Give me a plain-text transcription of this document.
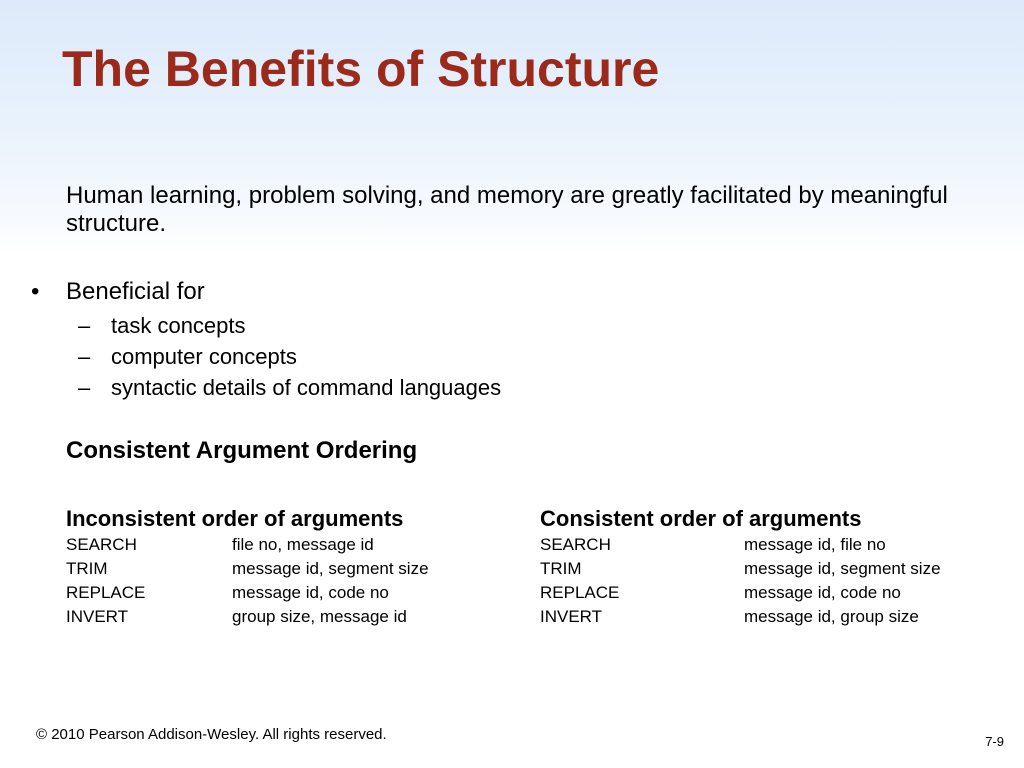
The Benefits of Structure
Human learning, problem solving, and memory are greatly facilitated by meaningful structure.
• Beneficial for
– task concepts
– computer concepts
– syntactic details of command languages
Consistent Argument Ordering
Inconsistent order of arguments
SEARCH	file no, message id
TRIM	message id, segment size
REPLACE	message id, code no
INVERT	group size, message id
Consistent order of arguments
SEARCH	message id, file no
TRIM	message id, segment size
REPLACE	message id, code no
INVERT	message id, group size
© 2010 Pearson Addison-Wesley. All rights reserved.	7-9
